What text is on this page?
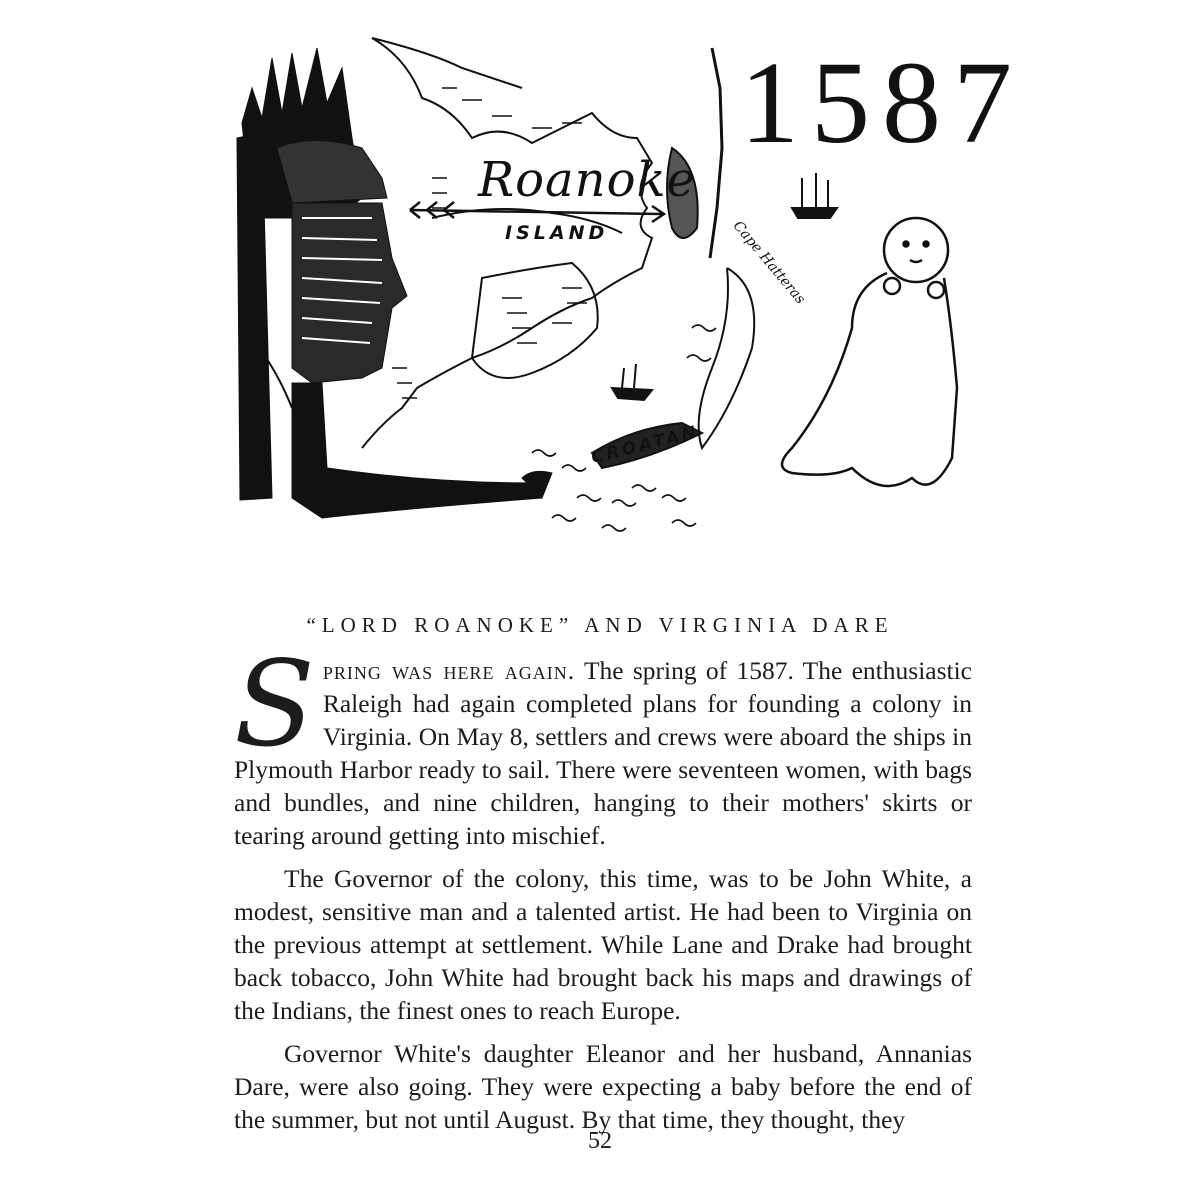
1587
Roanoke
ISLAND
CROATAN
Cape Hatteras
“LORD ROANOKE” AND VIRGINIA DARE

Spring was here again. The spring of 1587. The enthusiastic Raleigh had again completed plans for founding a colony in Virginia. On May 8, settlers and crews were aboard the ships in Plymouth Harbor ready to sail. There were seventeen women, with bags and bundles, and nine children, hanging to their mothers' skirts or tearing around getting into mischief.

The Governor of the colony, this time, was to be John White, a modest, sensitive man and a talented artist. He had been to Virginia on the previous attempt at settlement. While Lane and Drake had brought back tobacco, John White had brought back his maps and drawings of the Indians, the finest ones to reach Europe.

Governor White's daughter Eleanor and her husband, Annanias Dare, were also going. They were expecting a baby before the end of the summer, but not until August. By that time, they thought, they

52
